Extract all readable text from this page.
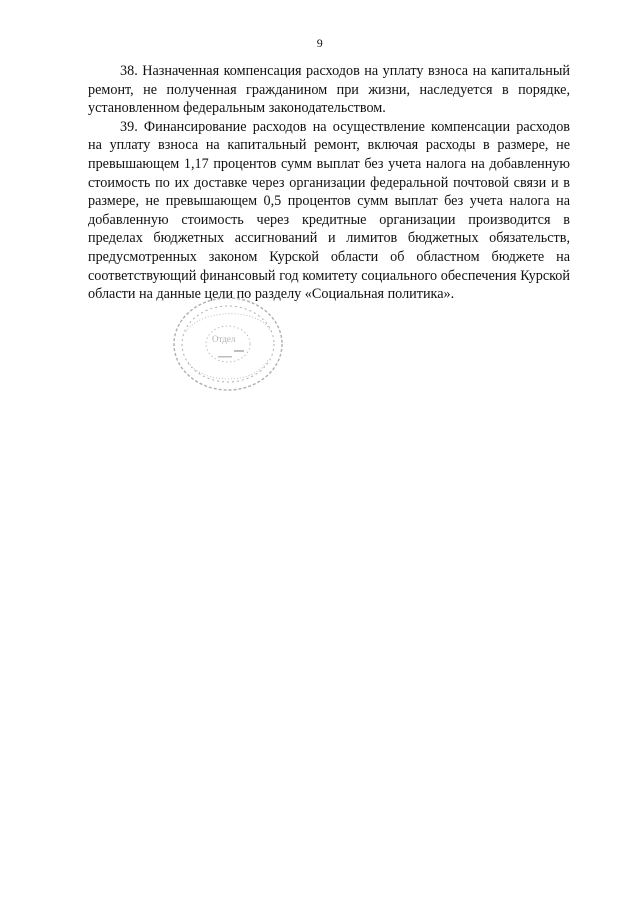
9

38. Назначенная компенсация расходов на уплату взноса на капитальный ремонт, не полученная гражданином при жизни, наследуется в порядке, установленном федеральным законодательством.

39. Финансирование расходов на осуществление компенсации расходов на уплату взноса на капитальный ремонт, включая расходы в размере, не превышающем 1,17 процентов сумм выплат без учета налога на добавленную стоимость по их доставке через организации федеральной почтовой связи и в размере, не превышающем 0,5 процентов сумм выплат без учета налога на добавленную стоимость через кредитные организации производится в пределах бюджетных ассигнований и лимитов бюджетных обязательств, предусмотренных законом Курской области об областном бюджете на соответствующий финансовый год комитету социального обеспечения Курской области на данные цели по разделу «Социальная политика».

Отдел
